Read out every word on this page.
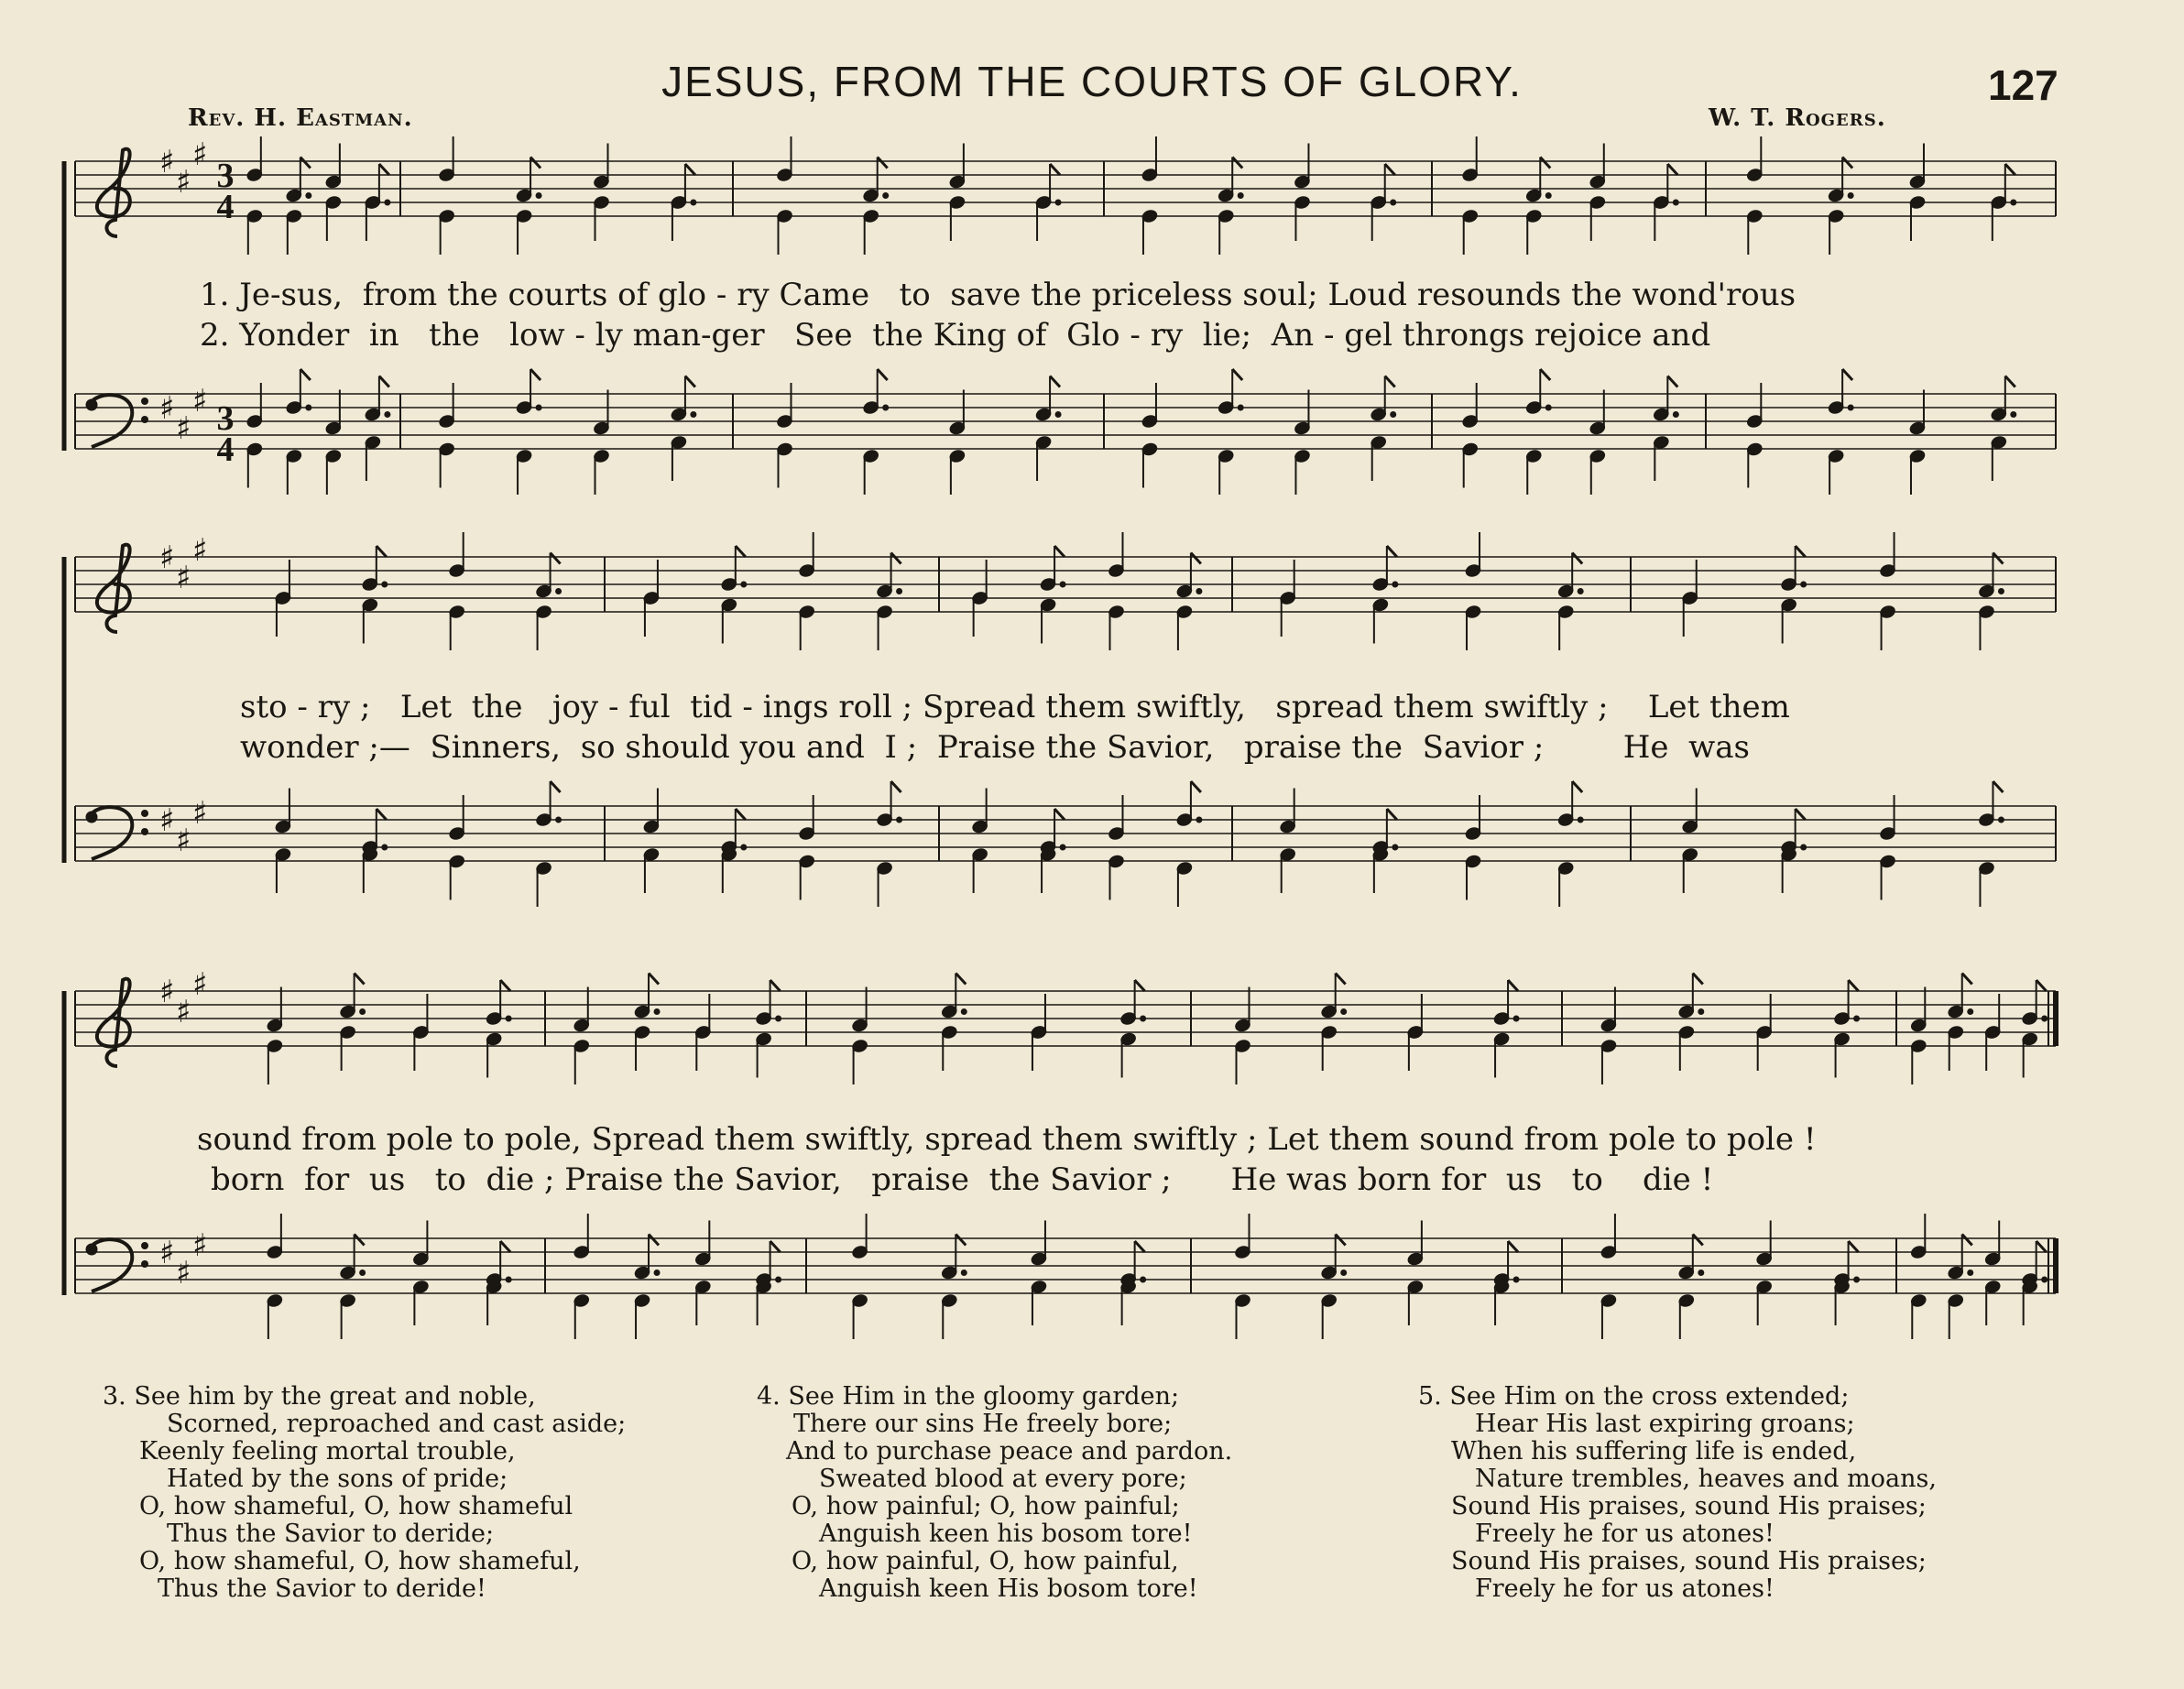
JESUS, FROM THE COURTS OF GLORY.	127
Rev. H. Eastman.	W. T. Rogers.
♯
♯
♯
♯
♯
♯
♯
♯
♯
♯
♯
♯
♯
♯
♯
♯
♯
♯
3
4
3
4
1. Je-sus,  from the courts of glo - ry Came   to  save the priceless soul; Loud resounds the wond'rous
2. Yonder  in   the   low - ly man-ger   See  the King of  Glo - ry  lie;  An - gel throngs rejoice and
sto - ry ;   Let  the   joy - ful  tid - ings roll ; Spread them swiftly,   spread them swiftly ;    Let them
wonder ;—  Sinners,  so should you and  I ;  Praise the Savior,   praise the  Savior ;        He  was
sound from pole to pole, Spread them swiftly, spread them swiftly ; Let them sound from pole to pole !
born  for  us   to  die ; Praise the Savior,   praise  the Savior ;      He was born for  us   to    die !
3. See him by the great and noble,
Scorned, reproached and cast aside;
Keenly feeling mortal trouble,
Hated by the sons of pride;
O, how shameful, O, how shameful
Thus the Savior to deride;
O, how shameful, O, how shameful,
Thus the Savior to deride!
4. See Him in the gloomy garden;
There our sins He freely bore;
And to purchase peace and pardon.
Sweated blood at every pore;
O, how painful; O, how painful;
Anguish keen his bosom tore!
O, how painful, O, how painful,
Anguish keen His bosom tore!
5. See Him on the cross extended;
Hear His last expiring groans;
When his suffering life is ended,
Nature trembles, heaves and moans,
Sound His praises, sound His praises;
Freely he for us atones!
Sound His praises, sound His praises;
Freely he for us atones!
